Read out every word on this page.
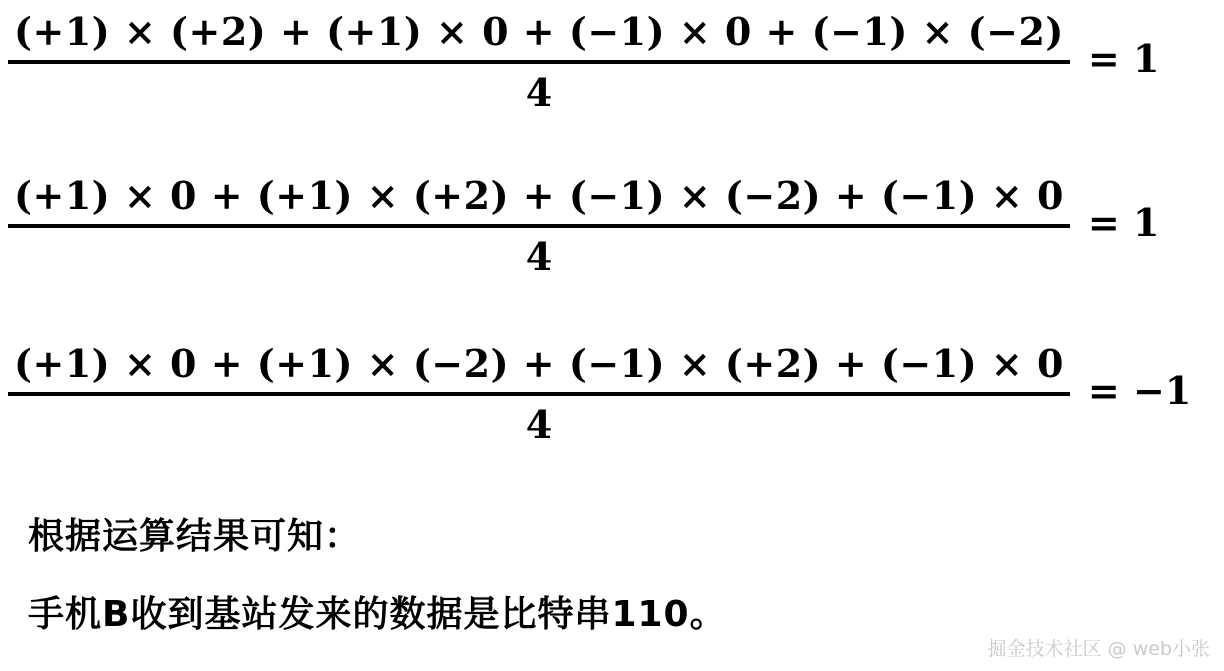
$\frac{(+1) \times (+2) + (+1) \times 0 + (-1) \times 0 + (-1) \times (-2)}{4} = 1$
$\frac{(+1) \times 0 + (+1) \times (+2) + (-1) \times (-2) + (-1) \times 0}{4} = 1$
$\frac{(+1) \times 0 + (+1) \times (-2) + (-1) \times (+2) + (-1) \times 0}{4} = -1$
根据运算结果可知：
手机B收到基站发来的数据是比特串110。
掘金技术社区 @ web小张
